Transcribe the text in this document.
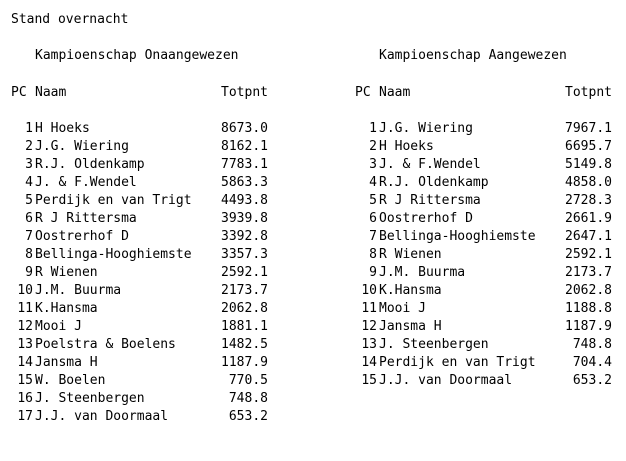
Stand overnacht
Kampioenschap Onaangewezen
PC Naam	Totpnt
1 H Hoeks	8673.0
2 J.G. Wiering	8162.1
3 R.J. Oldenkamp	7783.1
4 J. & F.Wendel	5863.3
5 Perdijk en van Trigt 4493.8
6 R J Rittersma	3939.8
7 Oostrerhof D	3392.8
8 Bellinga-Hooghiemste 3357.3
9 R Wienen	2592.1
10 J.M. Buurma	2173.7
11 K.Hansma	2062.8
12 Mooi J	1881.1
13 Poelstra & Boelens	1482.5
14 Jansma H	1187.9
15 W. Boelen	770.5
16 J. Steenbergen	748.8
17 J.J. van Doormaal	653.2
Kampioenschap Aangewezen
PC Naam	Totpnt
1 J.G. Wiering	7967.1
2 H Hoeks	6695.7
3 J. & F.Wendel	5149.8
4 R.J. Oldenkamp	4858.0
5 R J Rittersma	2728.3
6 Oostrerhof D	2661.9
7 Bellinga-Hooghiemste 2647.1
8 R Wienen	2592.1
9 J.M. Buurma	2173.7
10 K.Hansma	2062.8
11 Mooi J	1188.8
12 Jansma H	1187.9
13 J. Steenbergen	748.8
14 Perdijk en van Trigt	704.4
15 J.J. van Doormaal	653.2
